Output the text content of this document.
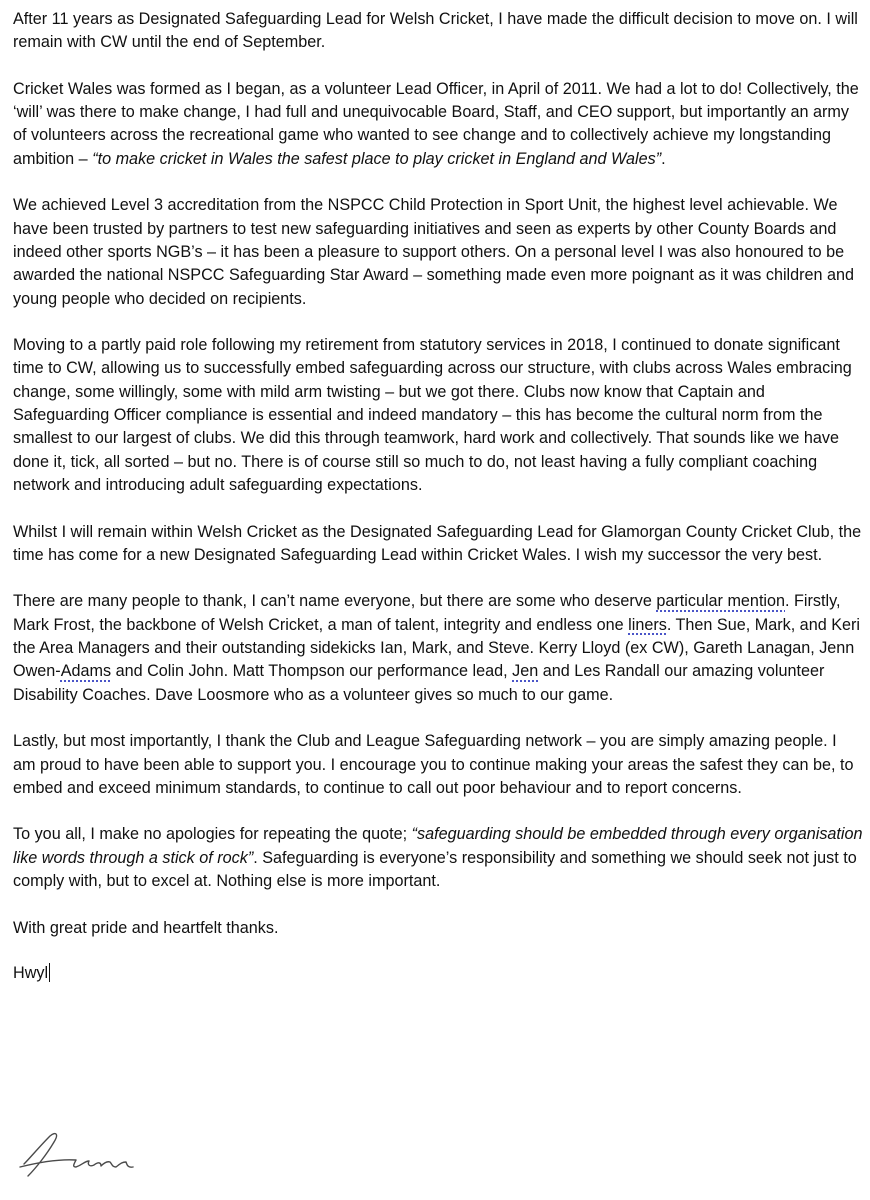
After 11 years as Designated Safeguarding Lead for Welsh Cricket, I have made the difficult decision to move on. I will remain with CW until the end of September.

Cricket Wales was formed as I began, as a volunteer Lead Officer, in April of 2011. We had a lot to do! Collectively, the ‘will’ was there to make change, I had full and unequivocable Board, Staff, and CEO support, but importantly an army of volunteers across the recreational game who wanted to see change and to collectively achieve my longstanding ambition – “to make cricket in Wales the safest place to play cricket in England and Wales”.

We achieved Level 3 accreditation from the NSPCC Child Protection in Sport Unit, the highest level achievable. We have been trusted by partners to test new safeguarding initiatives and seen as experts by other County Boards and indeed other sports NGB’s – it has been a pleasure to support others. On a personal level I was also honoured to be awarded the national NSPCC Safeguarding Star Award – something made even more poignant as it was children and young people who decided on recipients.

Moving to a partly paid role following my retirement from statutory services in 2018, I continued to donate significant time to CW, allowing us to successfully embed safeguarding across our structure, with clubs across Wales embracing change, some willingly, some with mild arm twisting – but we got there. Clubs now know that Captain and Safeguarding Officer compliance is essential and indeed mandatory – this has become the cultural norm from the smallest to our largest of clubs. We did this through teamwork, hard work and collectively. That sounds like we have done it, tick, all sorted – but no. There is of course still so much to do, not least having a fully compliant coaching network and introducing adult safeguarding expectations.

Whilst I will remain within Welsh Cricket as the Designated Safeguarding Lead for Glamorgan County Cricket Club, the time has come for a new Designated Safeguarding Lead within Cricket Wales. I wish my successor the very best.

There are many people to thank, I can’t name everyone, but there are some who deserve particular mention. Firstly, Mark Frost, the backbone of Welsh Cricket, a man of talent, integrity and endless one liners. Then Sue, Mark, and Keri the Area Managers and their outstanding sidekicks Ian, Mark, and Steve. Kerry Lloyd (ex CW), Gareth Lanagan, Jenn Owen-Adams and Colin John. Matt Thompson our performance lead, Jen and Les Randall our amazing volunteer Disability Coaches. Dave Loosmore who as a volunteer gives so much to our game.

Lastly, but most importantly, I thank the Club and League Safeguarding network – you are simply amazing people. I am proud to have been able to support you. I encourage you to continue making your areas the safest they can be, to embed and exceed minimum standards, to continue to call out poor behaviour and to report concerns.

To you all, I make no apologies for repeating the quote; “safeguarding should be embedded through every organisation like words through a stick of rock”. Safeguarding is everyone’s responsibility and something we should seek not just to comply with, but to excel at. Nothing else is more important.

With great pride and heartfelt thanks.

Hwyl
